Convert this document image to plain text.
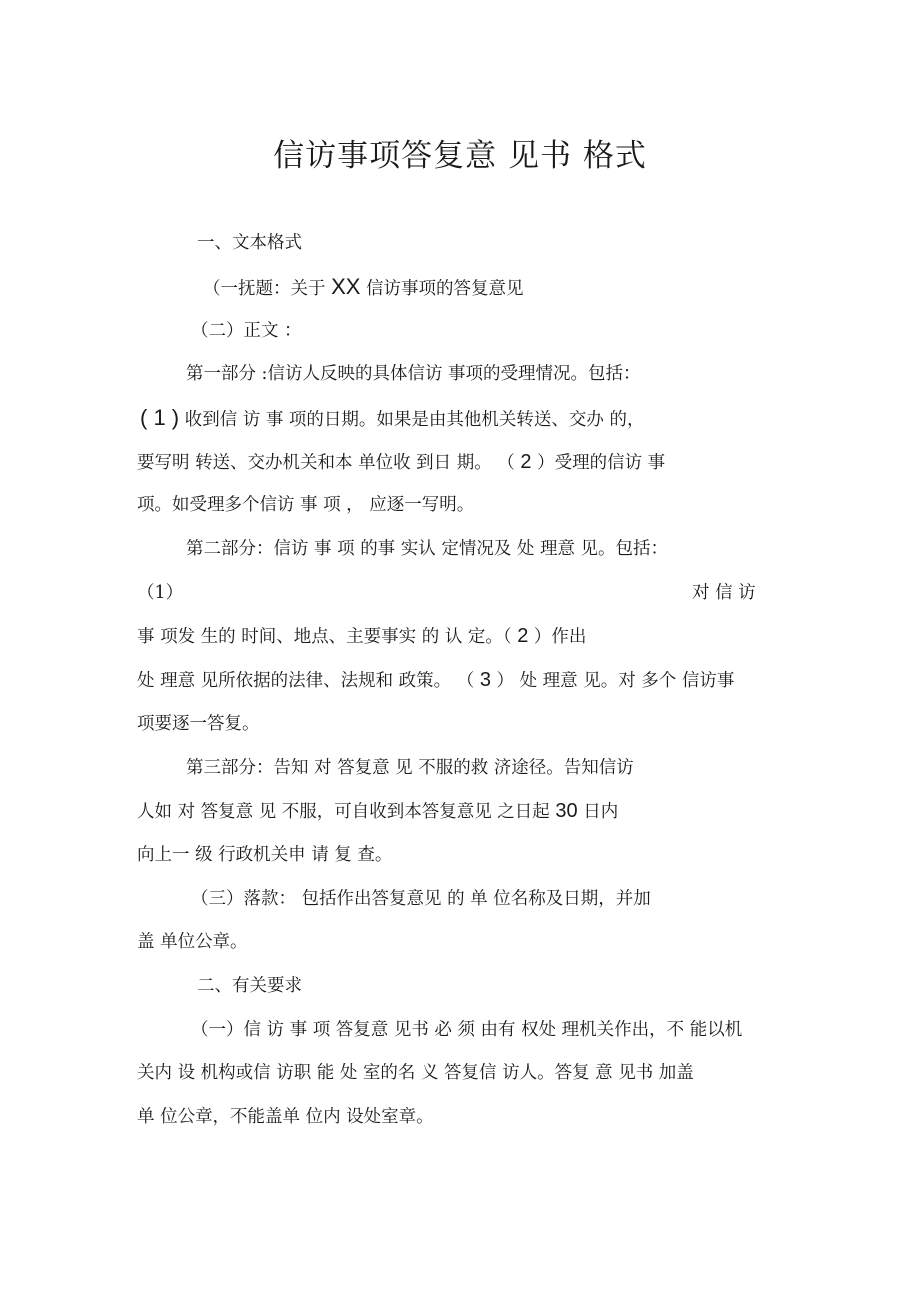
信访事项答复意 见书 格式
一、文本格式
（一抚题：关于 XX 信访事项的答复意见
（二）正文 ：
第一部分 :信访人反映的具体信访 事项的受理情况。包括：
( 1 ) 收到信 访 事 项的日期。如果是由其他机关转送、交办 的，
要写明 转送、交办机关和本 单位收 到日 期。 （ 2 ）受理的信访 事
项。如受理多个信访 事 项 ， 应逐一写明。
第二部分：信访 事 项 的事 实认 定情况及 处 理意 见。包括：
（1）	对 信 访
事 项发 生的 时间、地点、主要事实 的 认 定。（ 2 ）作出
处 理意 见所依据的法律、法规和 政策。 （ 3 ） 处 理意 见。对 多个 信访事
项要逐一答复。
第三部分：告知 对 答复意 见 不服的救 济途径。告知信访
人如 对 答复意 见 不服，可自收到本答复意见 之日起 30 日内
向上一 级 行政机关申 请 复 查。
（三）落款： 包括作出答复意见 的 单 位名称及日期，并加
盖 单位公章。
二、有关要求
（一）信 访 事 项 答复意 见书 必 须 由有 权处 理机关作出，不 能以机
关内 设 机构或信 访职 能 处 室的名 义 答复信 访人。答复 意 见书 加盖
单 位公章，不能盖单 位内 设处室章。
